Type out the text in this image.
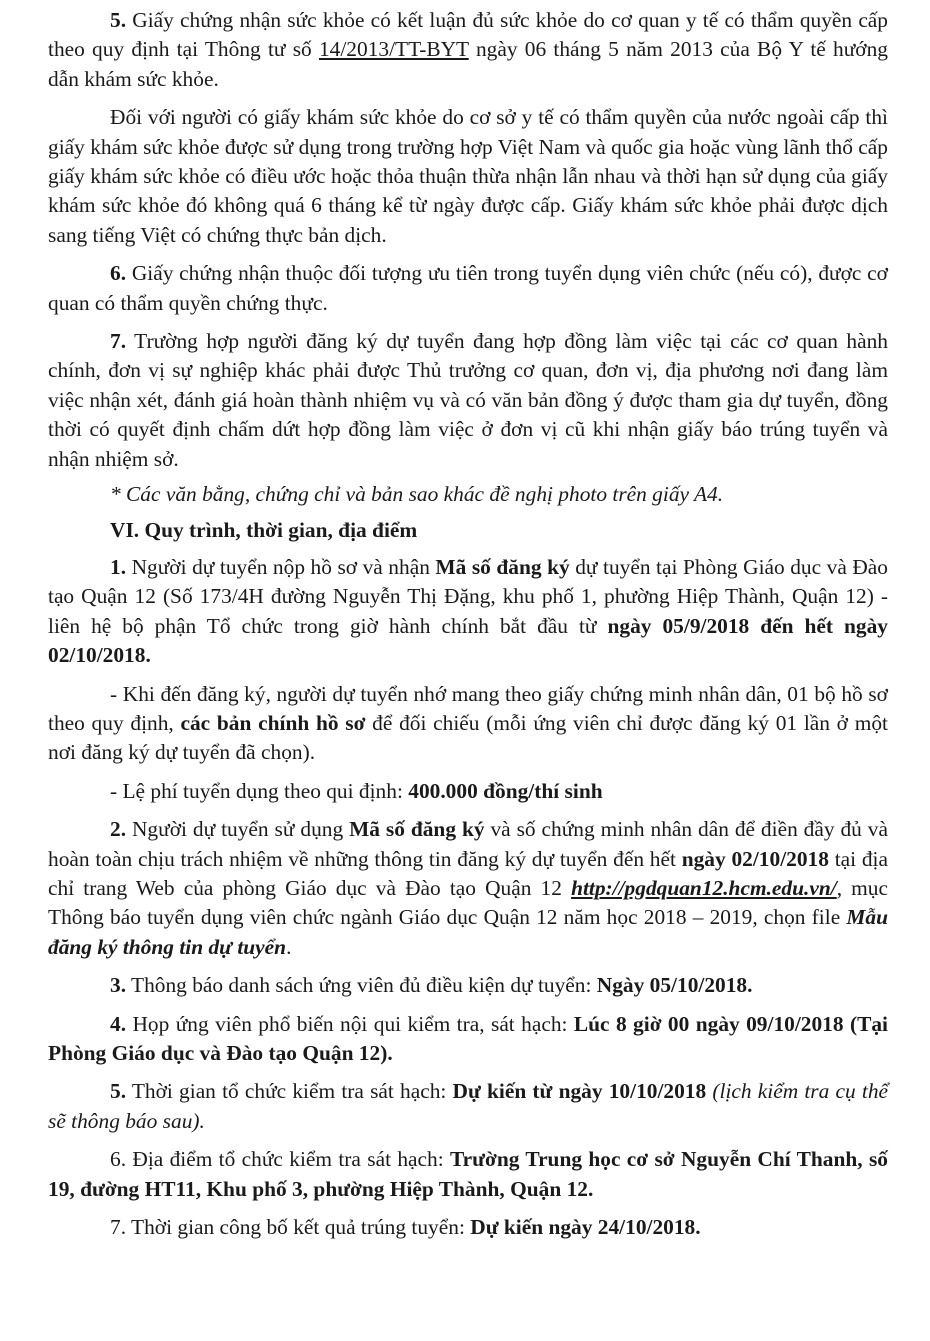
5. Giấy chứng nhận sức khỏe có kết luận đủ sức khỏe do cơ quan y tế có thẩm quyền cấp theo quy định tại Thông tư số 14/2013/TT-BYT ngày 06 tháng 5 năm 2013 của Bộ Y tế hướng dẫn khám sức khỏe.

Đối với người có giấy khám sức khỏe do cơ sở y tế có thẩm quyền của nước ngoài cấp thì giấy khám sức khỏe được sử dụng trong trường hợp Việt Nam và quốc gia hoặc vùng lãnh thổ cấp giấy khám sức khỏe có điều ước hoặc thỏa thuận thừa nhận lẫn nhau và thời hạn sử dụng của giấy khám sức khỏe đó không quá 6 tháng kể từ ngày được cấp. Giấy khám sức khỏe phải được dịch sang tiếng Việt có chứng thực bản dịch.

6. Giấy chứng nhận thuộc đối tượng ưu tiên trong tuyển dụng viên chức (nếu có), được cơ quan có thẩm quyền chứng thực.

7. Trường hợp người đăng ký dự tuyển đang hợp đồng làm việc tại các cơ quan hành chính, đơn vị sự nghiệp khác phải được Thủ trưởng cơ quan, đơn vị, địa phương nơi đang làm việc nhận xét, đánh giá hoàn thành nhiệm vụ và có văn bản đồng ý được tham gia dự tuyển, đồng thời có quyết định chấm dứt hợp đồng làm việc ở đơn vị cũ khi nhận giấy báo trúng tuyển và nhận nhiệm sở.

* Các văn bằng, chứng chỉ và bản sao khác đề nghị photo trên giấy A4.

VI. Quy trình, thời gian, địa điểm

1. Người dự tuyển nộp hồ sơ và nhận Mã số đăng ký dự tuyển tại Phòng Giáo dục và Đào tạo Quận 12 (Số 173/4H đường Nguyễn Thị Đặng, khu phố 1, phường Hiệp Thành, Quận 12) - liên hệ bộ phận Tổ chức trong giờ hành chính bắt đầu từ ngày 05/9/2018 đến hết ngày 02/10/2018.

- Khi đến đăng ký, người dự tuyển nhớ mang theo giấy chứng minh nhân dân, 01 bộ hồ sơ theo quy định, các bản chính hồ sơ để đối chiếu (mỗi ứng viên chỉ được đăng ký 01 lần ở một nơi đăng ký dự tuyển đã chọn).

- Lệ phí tuyển dụng theo qui định: 400.000 đồng/thí sinh

2. Người dự tuyển sử dụng Mã số đăng ký và số chứng minh nhân dân để điền đầy đủ và hoàn toàn chịu trách nhiệm về những thông tin đăng ký dự tuyển đến hết ngày 02/10/2018 tại địa chỉ trang Web của phòng Giáo dục và Đào tạo Quận 12 http://pgdquan12.hcm.edu.vn/, mục Thông báo tuyển dụng viên chức ngành Giáo dục Quận 12 năm học 2018 – 2019, chọn file Mẫu đăng ký thông tin dự tuyển.

3. Thông báo danh sách ứng viên đủ điều kiện dự tuyển: Ngày 05/10/2018.

4. Họp ứng viên phổ biến nội qui kiểm tra, sát hạch: Lúc 8 giờ 00 ngày 09/10/2018 (Tại Phòng Giáo dục và Đào tạo Quận 12).

5. Thời gian tổ chức kiểm tra sát hạch: Dự kiến từ ngày 10/10/2018 (lịch kiểm tra cụ thể sẽ thông báo sau).

6. Địa điểm tổ chức kiểm tra sát hạch: Trường Trung học cơ sở Nguyễn Chí Thanh, số 19, đường HT11, Khu phố 3, phường Hiệp Thành, Quận 12.

7. Thời gian công bố kết quả trúng tuyển: Dự kiến ngày 24/10/2018.
